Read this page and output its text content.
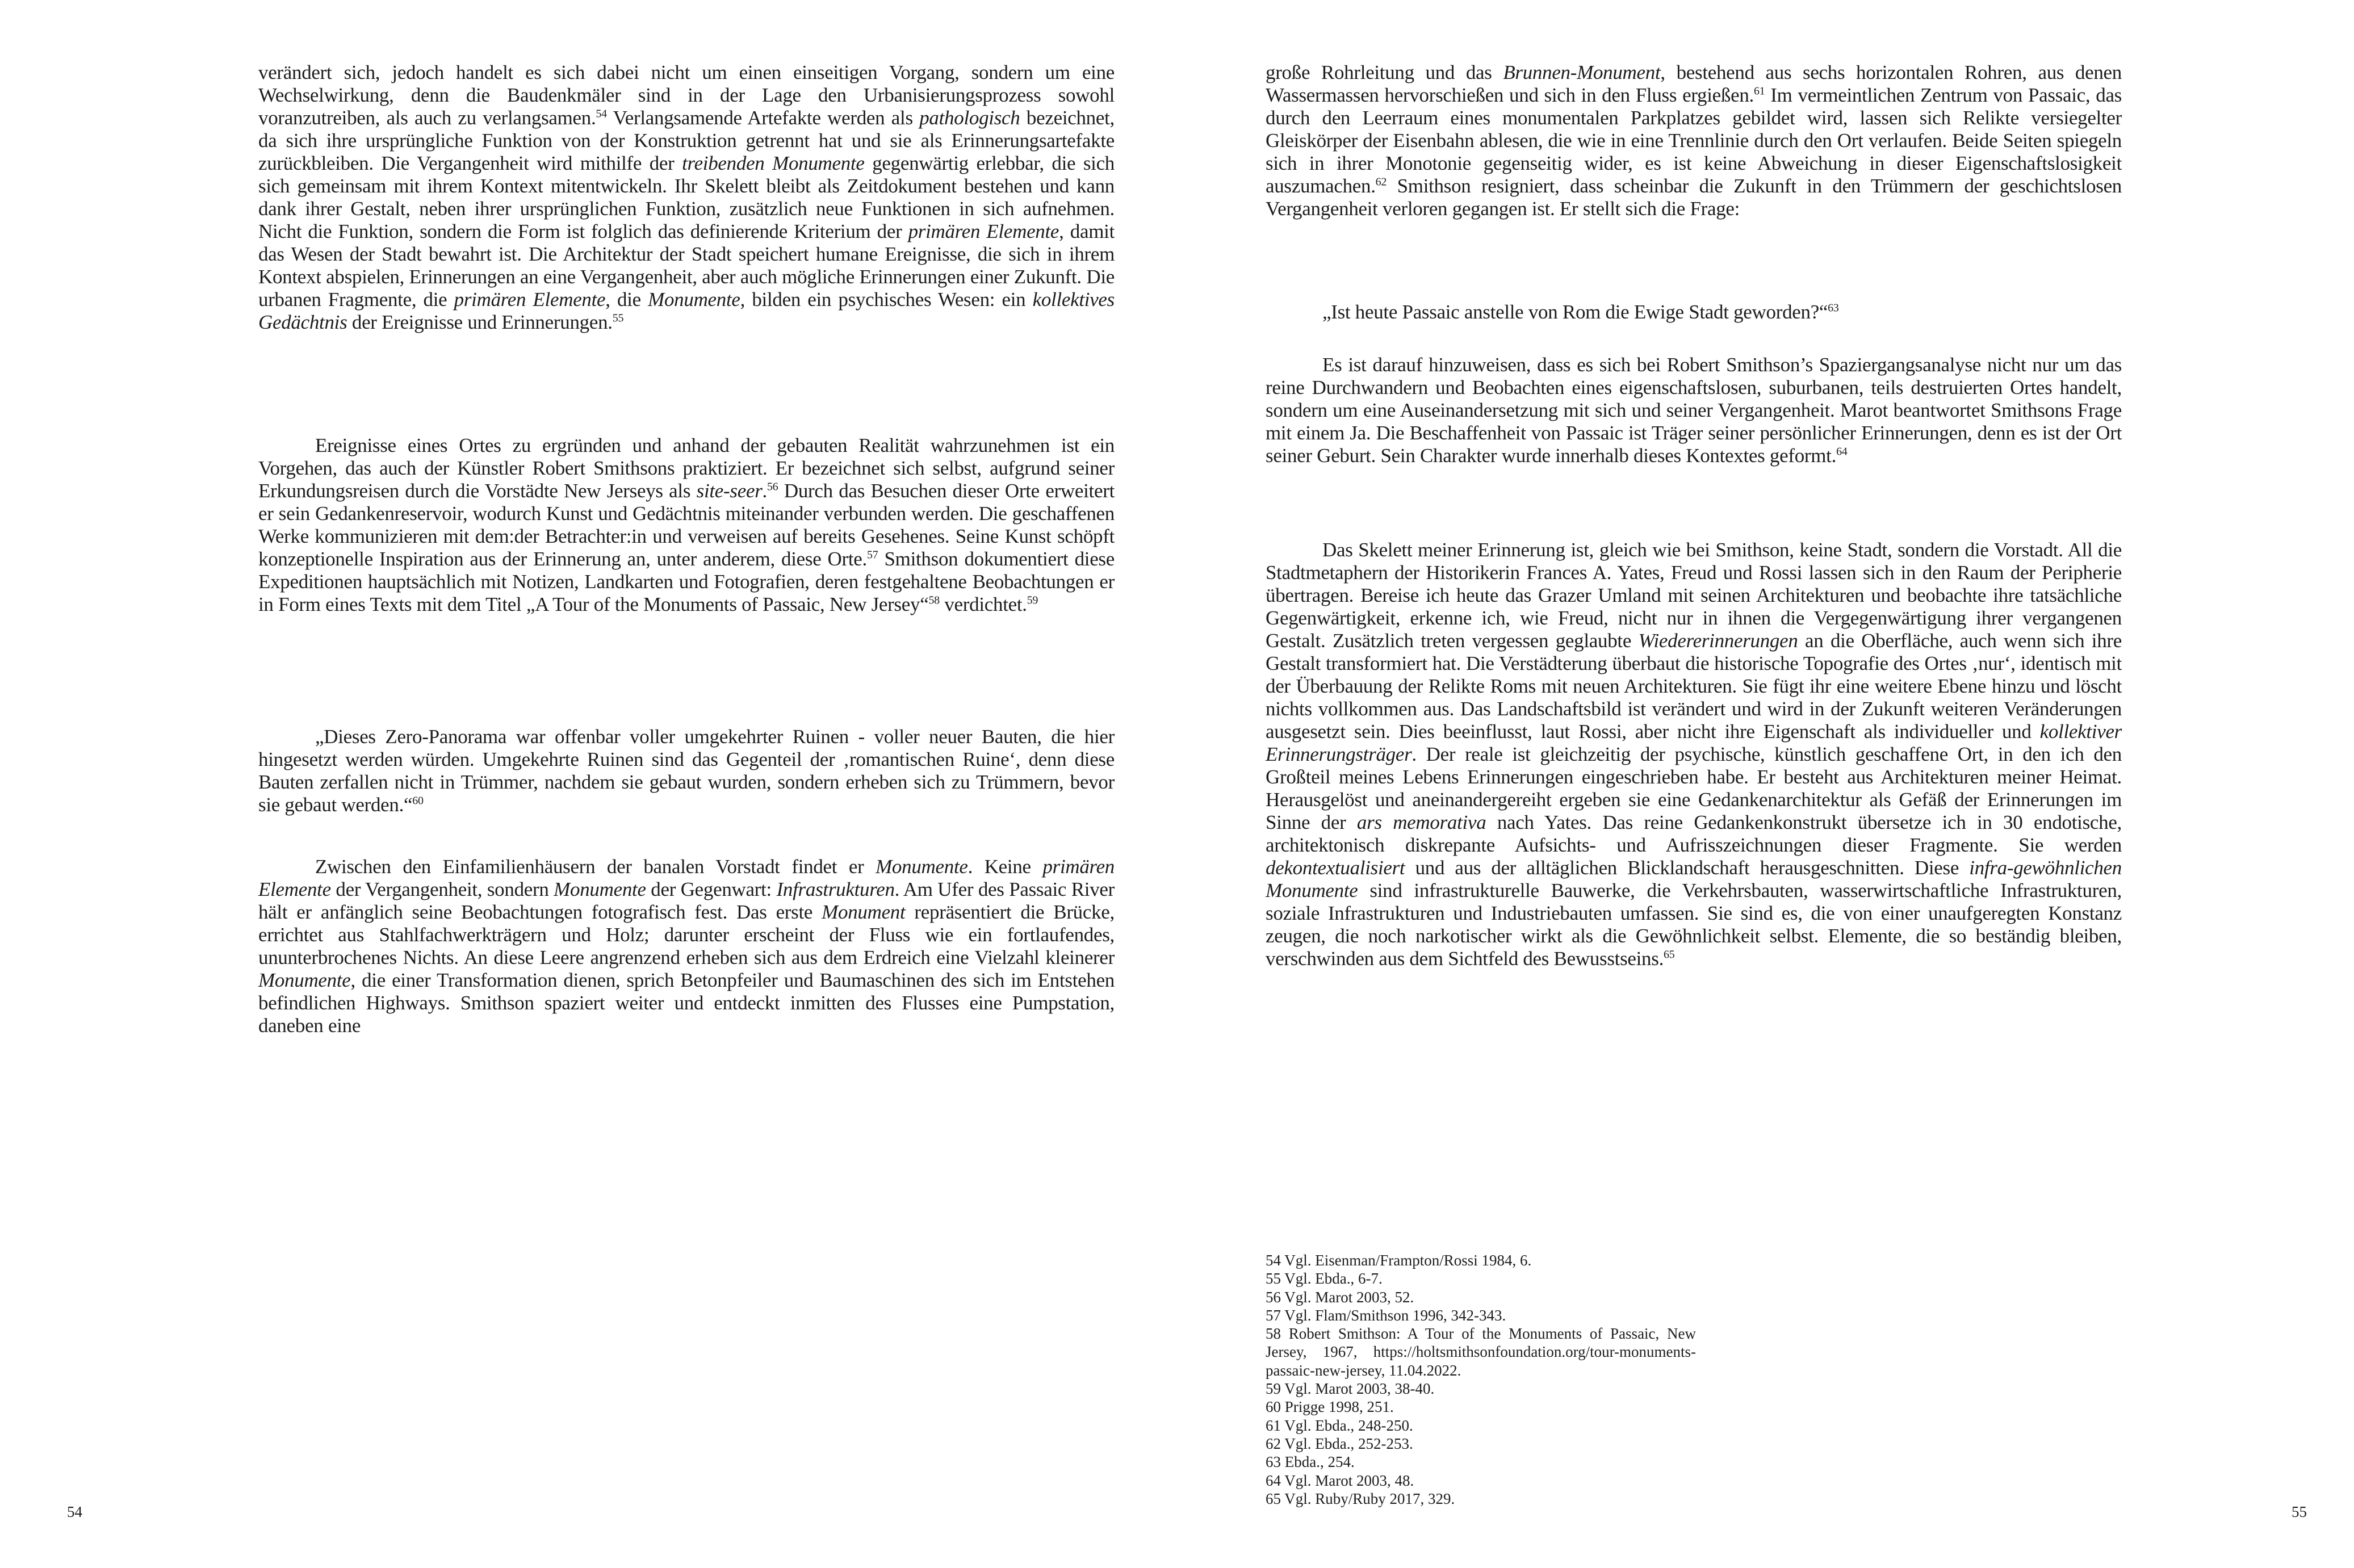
verändert sich, jedoch handelt es sich dabei nicht um einen einseitigen Vorgang, sondern um eine Wechselwirkung, denn die Baudenkmäler sind in der Lage den Urbanisierungsprozess sowohl voranzutreiben, als auch zu verlangsamen.$^{54}$ Verlangsamende Artefakte werden als pathologisch bezeichnet, da sich ihre ursprüngliche Funktion von der Konstruktion getrennt hat und sie als Erinnerungsartefakte zurückbleiben. Die Vergangenheit wird mithilfe der treibenden Monumente gegenwärtig erlebbar, die sich sich gemeinsam mit ihrem Kontext mitentwickeln. Ihr Skelett bleibt als Zeitdokument bestehen und kann dank ihrer Gestalt, neben ihrer ursprünglichen Funktion, zusätzlich neue Funktionen in sich aufnehmen. Nicht die Funktion, sondern die Form ist folglich das definierende Kriterium der primären Elemente, damit das Wesen der Stadt bewahrt ist. Die Architektur der Stadt speichert humane Ereignisse, die sich in ihrem Kontext abspielen, Erinnerungen an eine Vergangenheit, aber auch mögliche Erinnerungen einer Zukunft. Die urbanen Fragmente, die primären Elemente, die Monumente, bilden ein psychisches Wesen: ein kollektives Gedächtnis der Ereignisse und Erinnerungen.$^{55}$
Ereignisse eines Ortes zu ergründen und anhand der gebauten Realität wahrzunehmen ist ein Vorgehen, das auch der Künstler Robert Smithsons praktiziert. Er bezeichnet sich selbst, aufgrund seiner Erkundungsreisen durch die Vorstädte New Jerseys als site-seer.$^{56}$ Durch das Besuchen dieser Orte erweitert er sein Gedankenreservoir, wodurch Kunst und Gedächtnis miteinander verbunden werden. Die geschaffenen Werke kommunizieren mit dem:der Betrachter:in und verweisen auf bereits Gesehenes. Seine Kunst schöpft konzeptionelle Inspiration aus der Erinnerung an, unter anderem, diese Orte.$^{57}$ Smithson dokumentiert diese Expeditionen hauptsächlich mit Notizen, Landkarten und Fotografien, deren festgehaltene Beobachtungen er in Form eines Texts mit dem Titel „A Tour of the Monuments of Passaic, New Jersey“$^{58}$ verdichtet.$^{59}$
„Dieses Zero-Panorama war offenbar voller umgekehrter Ruinen - voller neuer Bauten, die hier hingesetzt werden würden. Umgekehrte Ruinen sind das Gegenteil der ‚romantischen Ruine‘, denn diese Bauten zerfallen nicht in Trümmer, nachdem sie gebaut wurden, sondern erheben sich zu Trümmern, bevor sie gebaut werden.“$^{60}$
Zwischen den Einfamilienhäusern der banalen Vorstadt findet er Monumente. Keine primären Elemente der Vergangenheit, sondern Monumente der Gegenwart: Infrastrukturen. Am Ufer des Passaic River hält er anfänglich seine Beobachtungen fotografisch fest. Das erste Monument repräsentiert die Brücke, errichtet aus Stahlfachwerkträgern und Holz; darunter erscheint der Fluss wie ein fortlaufendes, ununterbrochenes Nichts. An diese Leere angrenzend erheben sich aus dem Erdreich eine Vielzahl kleinerer Monumente, die einer Transformation dienen, sprich Betonpfeiler und Baumaschinen des sich im Entstehen befindlichen Highways. Smithson spaziert weiter und entdeckt inmitten des Flusses eine Pumpstation, daneben eine
54
große Rohrleitung und das Brunnen-Monument, bestehend aus sechs horizontalen Rohren, aus denen Wassermassen hervorschießen und sich in den Fluss ergießen.$^{61}$ Im vermeintlichen Zentrum von Passaic, das durch den Leerraum eines monumentalen Parkplatzes gebildet wird, lassen sich Relikte versiegelter Gleiskörper der Eisenbahn ablesen, die wie in eine Trennlinie durch den Ort verlaufen. Beide Seiten spiegeln sich in ihrer Monotonie gegenseitig wider, es ist keine Abweichung in dieser Eigenschaftslosigkeit auszumachen.$^{62}$ Smithson resigniert, dass scheinbar die Zukunft in den Trümmern der geschichtslosen Vergangenheit verloren gegangen ist. Er stellt sich die Frage:
„Ist heute Passaic anstelle von Rom die Ewige Stadt geworden?“$^{63}$
Es ist darauf hinzuweisen, dass es sich bei Robert Smithson’s Spaziergangsanalyse nicht nur um das reine Durchwandern und Beobachten eines eigenschaftslosen, suburbanen, teils destruierten Ortes handelt, sondern um eine Auseinandersetzung mit sich und seiner Vergangenheit. Marot beantwortet Smithsons Frage mit einem Ja. Die Beschaffenheit von Passaic ist Träger seiner persönlicher Erinnerungen, denn es ist der Ort seiner Geburt. Sein Charakter wurde innerhalb dieses Kontextes geformt.$^{64}$
Das Skelett meiner Erinnerung ist, gleich wie bei Smithson, keine Stadt, sondern die Vorstadt. All die Stadtmetaphern der Historikerin Frances A. Yates, Freud und Rossi lassen sich in den Raum der Peripherie übertragen. Bereise ich heute das Grazer Umland mit seinen Architekturen und beobachte ihre tatsächliche Gegenwärtigkeit, erkenne ich, wie Freud, nicht nur in ihnen die Vergegenwärtigung ihrer vergangenen Gestalt. Zusätzlich treten vergessen geglaubte Wiedererinnerungen an die Oberfläche, auch wenn sich ihre Gestalt transformiert hat. Die Verstädterung überbaut die historische Topografie des Ortes ‚nur‘, identisch mit der Überbauung der Relikte Roms mit neuen Architekturen. Sie fügt ihr eine weitere Ebene hinzu und löscht nichts vollkommen aus. Das Landschaftsbild ist verändert und wird in der Zukunft weiteren Veränderungen ausgesetzt sein. Dies beeinflusst, laut Rossi, aber nicht ihre Eigenschaft als individueller und kollektiver Erinnerungsträger. Der reale ist gleichzeitig der psychische, künstlich geschaffene Ort, in den ich den Großteil meines Lebens Erinnerungen eingeschrieben habe. Er besteht aus Architekturen meiner Heimat. Herausgelöst und aneinandergereiht ergeben sie eine Gedankenarchitektur als Gefäß der Erinnerungen im Sinne der ars memorativa nach Yates. Das reine Gedankenkonstrukt übersetze ich in 30 endotische, architektonisch diskrepante Aufsichts- und Aufrisszeichnungen dieser Fragmente. Sie werden dekontextualisiert und aus der alltäglichen Blicklandschaft herausgeschnitten. Diese infra-gewöhnlichen Monumente sind infrastrukturelle Bauwerke, die Verkehrsbauten, wasserwirtschaftliche Infrastrukturen, soziale Infrastrukturen und Industriebauten umfassen. Sie sind es, die von einer unaufgeregten Konstanz zeugen, die noch narkotischer wirkt als die Gewöhnlichkeit selbst. Elemente, die so beständig bleiben, verschwinden aus dem Sichtfeld des Bewusstseins.$^{65}$
54 Vgl. Eisenman/Frampton/Rossi 1984, 6.
55 Vgl. Ebda., 6-7.
56 Vgl. Marot 2003, 52.
57 Vgl. Flam/Smithson 1996, 342-343.
58 Robert Smithson: A Tour of the Monuments of Passaic, New Jersey, 1967, https://holtsmithsonfoundation.org/tour-monuments-passaic-new-jersey, 11.04.2022.
59 Vgl. Marot 2003, 38-40.
60 Prigge 1998, 251.
61 Vgl. Ebda., 248-250.
62 Vgl. Ebda., 252-253.
63 Ebda., 254.
64 Vgl. Marot 2003, 48.
65 Vgl. Ruby/Ruby 2017, 329.
55
